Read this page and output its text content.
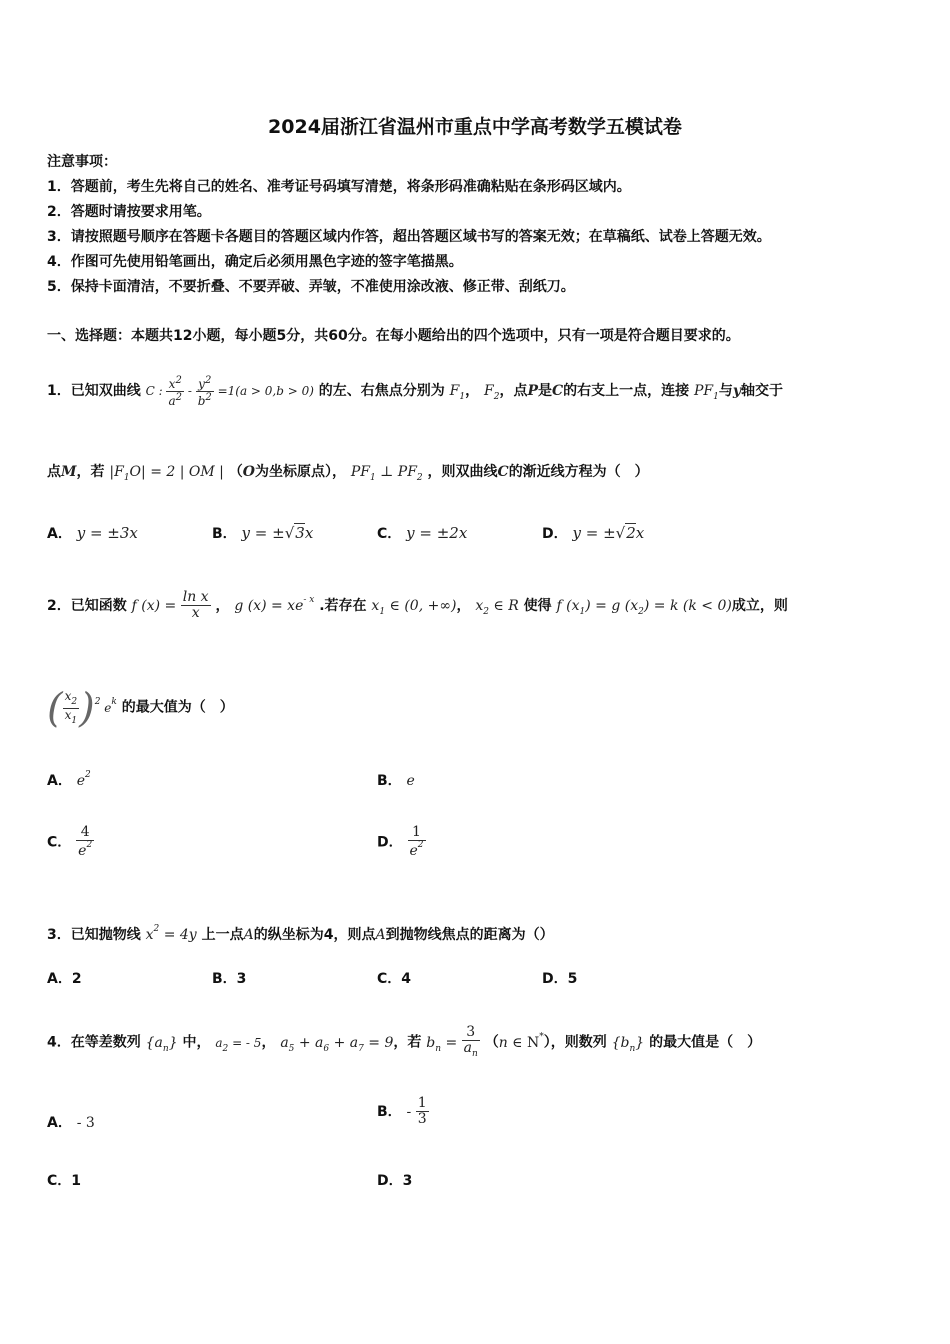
2024届浙江省温州市重点中学高考数学五模试卷
注意事项：
1．答题前，考生先将自己的姓名、准考证号码填写清楚，将条形码准确粘贴在条形码区域内。
2．答题时请按要求用笔。
3．请按照题号顺序在答题卡各题目的答题区域内作答，超出答题区域书写的答案无效；在草稿纸、试卷上答题无效。
4．作图可先使用铅笔画出，确定后必须用黑色字迹的签字笔描黑。
5．保持卡面清洁，不要折叠、不要弄破、弄皱，不准使用涂改液、修正带、刮纸刀。
一、选择题：本题共12小题，每小题5分，共60分。在每小题给出的四个选项中，只有一项是符合题目要求的。
1．已知双曲线 C : $\frac{x^2}{a^2} - \frac{y^2}{b^2} =1(a > 0,b > 0)$ 的左、右焦点分别为 $F_1$， $F_2$，点P是C的右支上一点，连接 $PF_1$与y轴交于
点M，若 $|F_1O| = 2$ | OM | （O为坐标原点）， $PF_1$ ⊥ $PF_2$ ，则双曲线C的渐近线方程为（　）
A． y = ±3x	B． y = ±√3x	C． y = ±2x	D． y = ±√2x
2．已知函数 f $(x) = \frac{\text{ln x}}{x}$ ， g $(x) = xe^{- x}$ .若存在 $x_1$ ∈ (0, +∞)， $x_2$ ∈ R 使得 f $(x_1) = g$ $(x_2) = k$ (k < 0)成立，则
( $\frac{x_2}{x_1} )^2$ $e^k$ 的最大值为（　）
A． $e^2$	B． e
C． $\frac{4}{e^2}$	D． $\frac{1}{e^2}$
3．已知抛物线 $x^2 = 4y$ 上一点A的纵坐标为4，则点A到抛物线焦点的距离为（）
A．2	B．3	C．4	D．5
4．在等差数列 $\{a_n\}$ 中， $a_2$ = - 5， $a_5 + a_6 + a_7 = 9$，若 $b_n = \frac{3}{a_n} (n$ ∈ N*），则数列 $\{b_n\}$ 的最大值是（　）
A． - 3
B． - $\frac{1}{3}$
C．1	D．3
